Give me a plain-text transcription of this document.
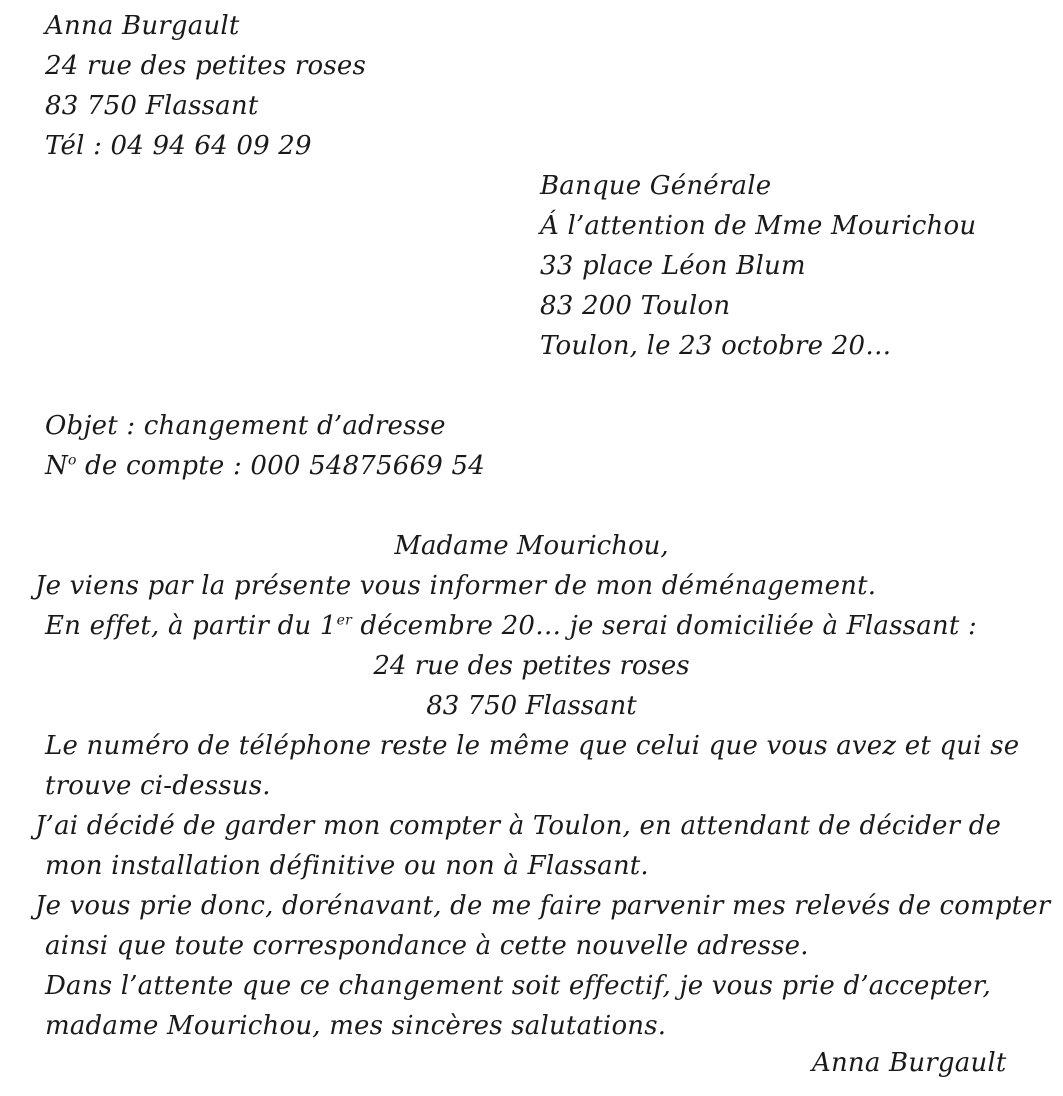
Anna Burgault
24 rue des petites roses
83 750 Flassant
Tél : 04 94 64 09 29
Banque Générale
Á l’attention de Mme Mourichou
33 place Léon Blum
83 200 Toulon
Toulon, le 23 octobre 20…
Objet : changement d’adresse
$N^o$ de compte : 000 54875669 54
Madame Mourichou,
Je viens par la présente vous informer de mon déménagement.
En effet, à partir du 1er décembre 20… je serai domiciliée à Flassant :
24 rue des petites roses
83 750 Flassant
Le numéro de téléphone reste le même que celui que vous avez et qui se
trouve ci-dessus.
J’ai décidé de garder mon compter à Toulon, en attendant de décider de
mon installation définitive ou non à Flassant.
Je vous prie donc, dorénavant, de me faire parvenir mes relevés de compter
ainsi que toute correspondance à cette nouvelle adresse.
Dans l’attente que ce changement soit effectif, je vous prie d’accepter,
madame Mourichou, mes sincères salutations.
Anna Burgault
